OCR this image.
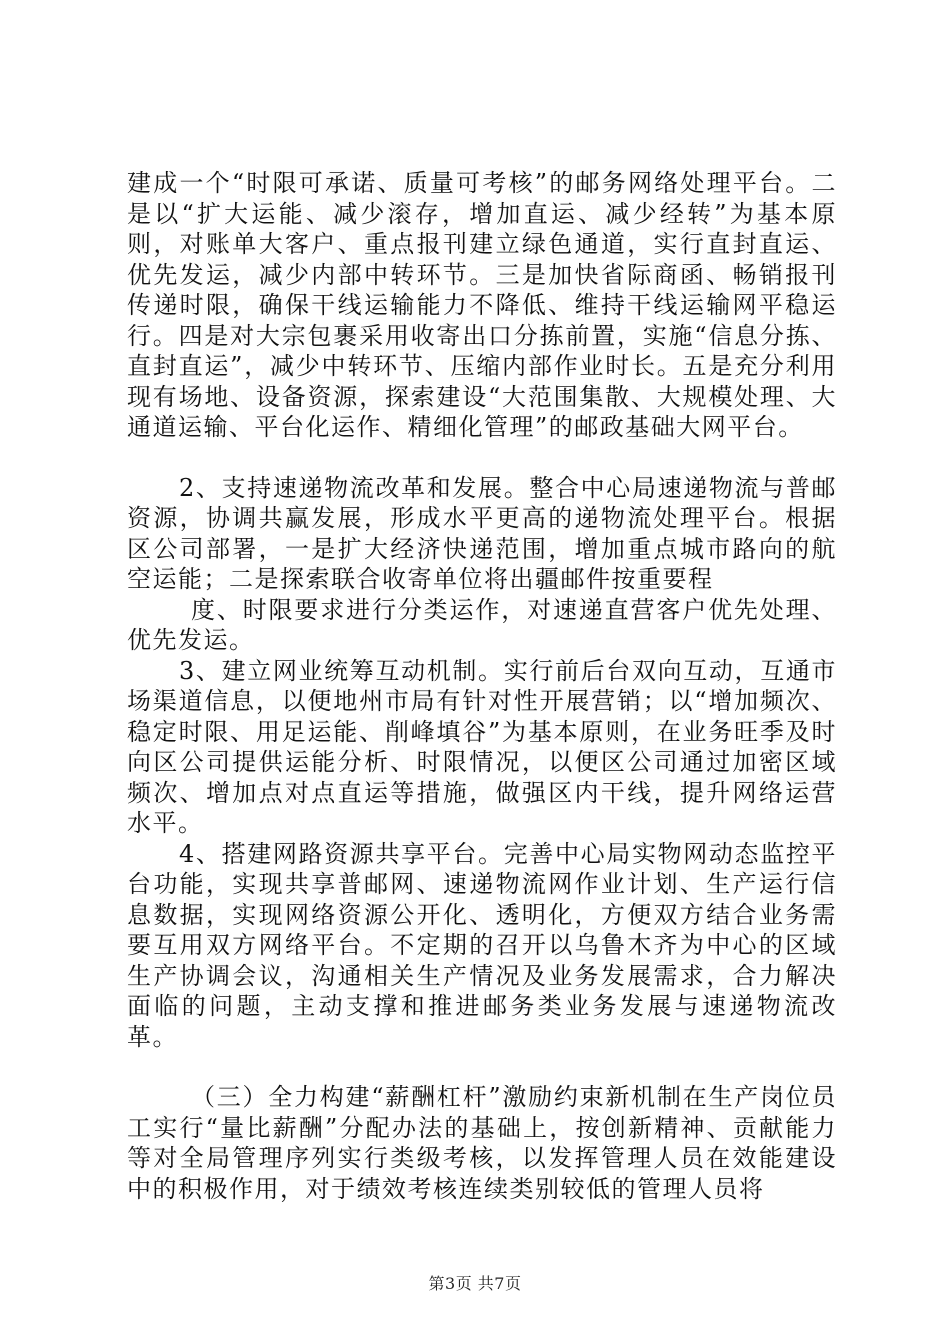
建成一个“时限可承诺、质量可考核”的邮务网络处理平台。二是以“扩大运能、减少滚存，增加直运、减少经转”为基本原则，对账单大客户、重点报刊建立绿色通道，实行直封直运、优先发运，减少内部中转环节。三是加快省际商函、畅销报刊传递时限，确保干线运输能力不降低、维持干线运输网平稳运行。四是对大宗包裹采用收寄出口分拣前置，实施“信息分拣、直封直运”，减少中转环节、压缩内部作业时长。五是充分利用现有场地、设备资源，探索建设“大范围集散、大规模处理、大通道运输、平台化运作、精细化管理”的邮政基础大网平台。

2、支持速递物流改革和发展。整合中心局速递物流与普邮资源，协调共赢发展，形成水平更高的递物流处理平台。根据区公司部署，一是扩大经济快递范围，增加重点城市路向的航空运能；二是探索联合收寄单位将出疆邮件按重要程

度、时限要求进行分类运作，对速递直营客户优先处理、优先发运。

3、建立网业统筹互动机制。实行前后台双向互动，互通市场渠道信息，以便地州市局有针对性开展营销；以“增加频次、稳定时限、用足运能、削峰填谷”为基本原则，在业务旺季及时向区公司提供运能分析、时限情况，以便区公司通过加密区域频次、增加点对点直运等措施，做强区内干线，提升网络运营水平。

4、搭建网路资源共享平台。完善中心局实物网动态监控平台功能，实现共享普邮网、速递物流网作业计划、生产运行信息数据，实现网络资源公开化、透明化，方便双方结合业务需要互用双方网络平台。不定期的召开以乌鲁木齐为中心的区域生产协调会议，沟通相关生产情况及业务发展需求，合力解决面临的问题，主动支撑和推进邮务类业务发展与速递物流改革。

（三）全力构建“薪酬杠杆”激励约束新机制在生产岗位员工实行“量比薪酬”分配办法的基础上，按创新精神、贡献能力等对全局管理序列实行类级考核，以发挥管理人员在效能建设中的积极作用，对于绩效考核连续类别较低的管理人员将

第3页 共7页
